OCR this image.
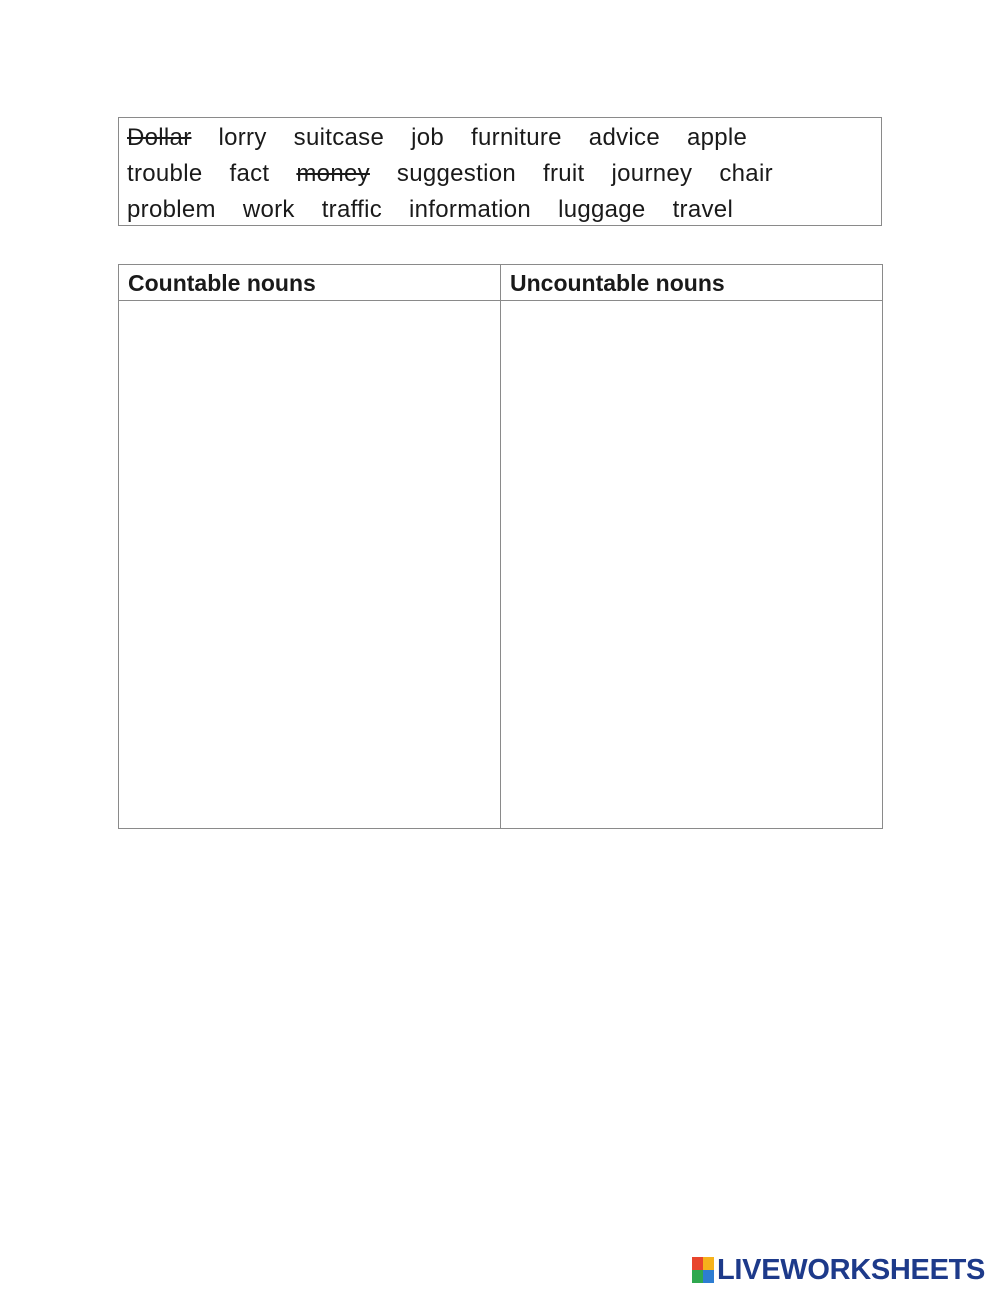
Dollar lorry suitcase job furniture advice apple
trouble fact money suggestion fruit journey chair
problem work traffic information luggage travel
Countable nouns	Uncountable nouns
LIVEWORKSHEETS
